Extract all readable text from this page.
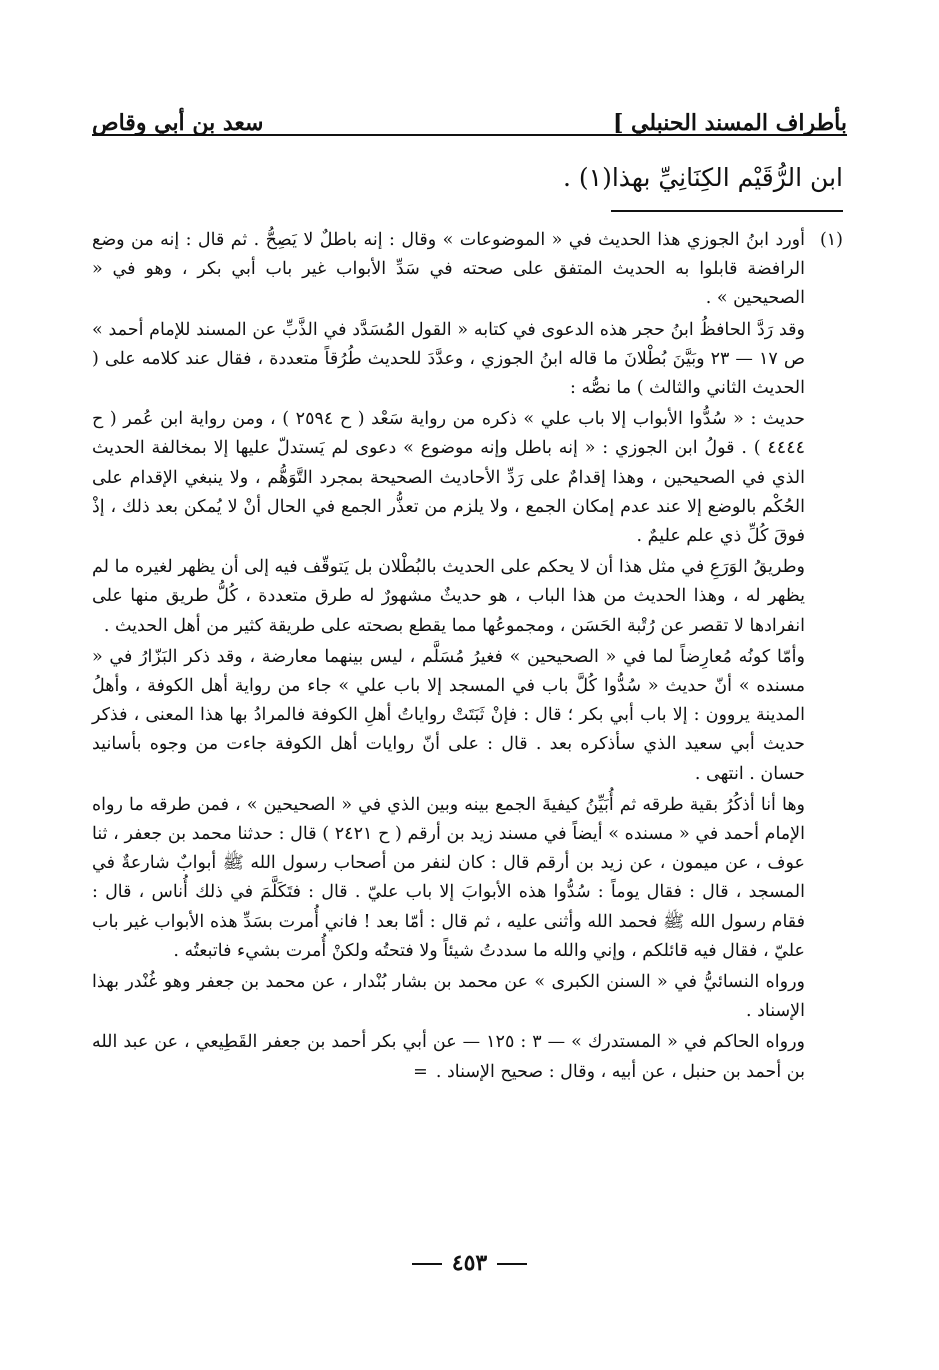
بأطراف المسند الحنبلي ]
سعد بن أبي وقاص
ابن الرُّقَيْم الكِنَانِيِّ بهذا(١) .
(١)

أورد ابنُ الجوزي هذا الحديث في « الموضوعات » وقال : إنه باطلٌ لا يَصِحُّ . ثم قال : إنه من وضع الرافضة قابلوا به الحديث المتفق على صحته في سَدِّ الأبواب غير باب أبي بكر ، وهو في « الصحيحين » .

وقد رَدَّ الحافظُ ابنُ حجر هذه الدعوى في كتابه « القول المُسَدَّد في الذَّبِّ عن المسند للإمام أحمد » ص ١٧ — ٢٣ وبَيَّنَ بُطْلانَ ما قاله ابنُ الجوزي ، وعدَّدَ للحديث طُرُقاً متعددة ، فقال عند كلامه على ( الحديث الثاني والثالث ) ما نصُّه :

حديث : « سُدُّوا الأبواب إلا باب علي » ذكره من رواية سَعْد ( ح ٢٥٩٤ ) ، ومن رواية ابن عُمر ( ح ٤٤٤٤ ) . قولُ ابن الجوزي : « إنه باطل وإنه موضوع » دعوى لم يَستدلّ عليها إلا بمخالفة الحديث الذي في الصحيحين ، وهذا إقدامٌ على رَدِّ الأحاديث الصحيحة بمجرد التَّوَهُّم ، ولا ينبغي الإقدام على الحُكْم بالوضع إلا عند عدم إمكان الجمع ، ولا يلزم من تعذُّر الجمع في الحال أنْ لا يُمكن بعد ذلك ، إذْ فوقَ كُلِّ ذي علم عليمٌ .

وطريقُ الوَرَعِ في مثل هذا أن لا يحكم على الحديث بالبُطْلان بل يَتوقّف فيه إلى أن يظهر لغيره ما لم يظهر له ، وهذا الحديث من هذا الباب ، هو حديثٌ مشهورٌ له طرق متعددة ، كُلُّ طريق منها على انفرادها لا تقصر عن رُتْبة الحَسَن ، ومجموعُها مما يقطع بصحته على طريقة كثير من أهل الحديث .

وأمّا كونُه مُعارِضاً لما في « الصحيحين » فغيرُ مُسَلَّم ، ليس بينهما معارضة ، وقد ذكر البَزّارُ في « مسنده » أنّ حديث « سُدُّوا كُلَّ باب في المسجد إلا باب علي » جاء من رواية أهل الكوفة ، وأهلُ المدينة يروون : إلا باب أبي بكر ؛ قال : فإنْ ثَبَتَتْ رواياتُ أهلِ الكوفة فالمرادُ بها هذا المعنى ، فذكر حديث أبي سعيد الذي سأذكره بعد . قال : على أنّ روايات أهل الكوفة جاءت من وجوه بأسانيد حسان . انتهى .

وها أنا أذكُرُ بقية طرقه ثم أُبَيِّنُ كيفيةَ الجمع بينه وبين الذي في « الصحيحين » ، فمن طرقه ما رواه الإمام أحمد في « مسنده » أيضاً في مسند زيد بن أرقم ( ح ٢٤٢١ ) قال : حدثنا محمد بن جعفر ، ثنا عوف ، عن ميمون ، عن زيد بن أرقم قال : كان لنفر من أصحاب رسول الله ﷺ أبوابٌ شارعةٌ في المسجد ، قال : فقال يوماً : سُدُّوا هذه الأبوابَ إلا باب عليّ . قال : فتَكَلَّمَ في ذلك أُناس ، قال : فقام رسول الله ﷺ فحمد الله وأثنى عليه ، ثم قال : أمّا بعد ! فاني أُمرت بسَدِّ هذه الأبواب غير باب عليّ ، فقال فيه قائلكم ، وإني والله ما سددتُ شيئاً ولا فتحتُه ولكنْ أُمرت بشيء فاتبعتُه .

ورواه النسائيُّ في « السنن الكبرى » عن محمد بن بشار بُنْدار ، عن محمد بن جعفر وهو غُنْدر بهذا الإسناد .

ورواه الحاكم في « المستدرك » — ٣ : ١٢٥ — عن أبي بكر أحمد بن جعفر القَطِيعي ، عن عبد الله بن أحمد بن حنبل ، عن أبيه ، وقال : صحيح الإسناد .=

٤٥٣
